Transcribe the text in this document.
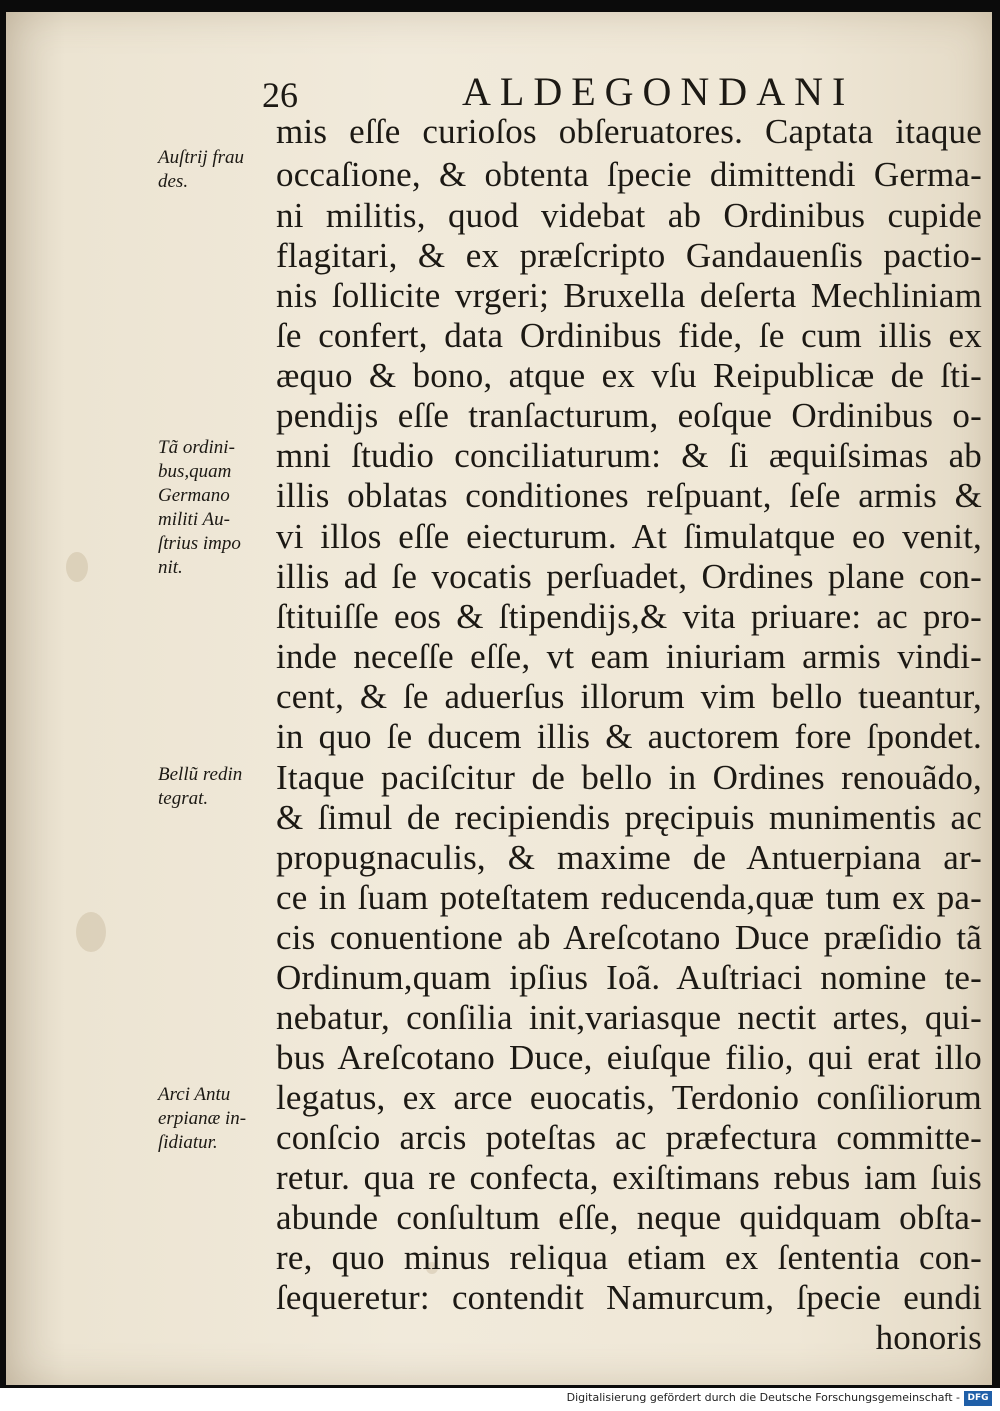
26	ALDEGONDANI
mis eſſe curioſos obſeruatores. Captata itaque
occaſione, & obtenta ſpecie dimittendi Germa-
ni militis, quod videbat ab Ordinibus cupide
flagitari, & ex præſcripto Gandauenſis pactio-
nis ſollicite vrgeri; Bruxella deſerta Mechliniam
ſe confert, data Ordinibus fide, ſe cum illis ex
æquo & bono, atque ex vſu Reipublicæ de ſti-
pendijs eſſe tranſacturum, eoſque Ordinibus o-
mni ſtudio conciliaturum: & ſi æquiſsimas ab
illis oblatas conditiones reſpuant, ſeſe armis &
vi illos eſſe eiecturum. At ſimulatque eo venit,
illis ad ſe vocatis perſuadet, Ordines plane con-
ſtituiſſe eos & ſtipendijs,& vita priuare: ac pro-
inde neceſſe eſſe, vt eam iniuriam armis vindi-
cent, & ſe aduerſus illorum vim bello tueantur,
in quo ſe ducem illis & auctorem fore ſpondet.
Itaque paciſcitur de bello in Ordines renouãdo,
& ſimul de recipiendis pręcipuis munimentis ac
propugnaculis, & maxime de Antuerpiana ar-
ce in ſuam poteſtatem reducenda,quæ tum ex pa-
cis conuentione ab Areſcotano Duce præſidio tã
Ordinum,quam ipſius Ioã. Auſtriaci nomine te-
nebatur, conſilia init,variasque nectit artes, qui-
bus Areſcotano Duce, eiuſque filio, qui erat illo
legatus, ex arce euocatis, Terdonio conſiliorum
conſcio arcis poteſtas ac præfectura committe-
retur. qua re confecta, exiſtimans rebus iam ſuis
abunde conſultum eſſe, neque quidquam obſta-
re, quo minus reliqua etiam ex ſententia con-
ſequeretur: contendit Namurcum, ſpecie eundi
honoris
Auſtrij frau
des.
Tã ordini-
bus,quam
Germano
militi Au-
ſtrius impo
nit.
Bellũ redin
tegrat.
Arci Antu
erpianæ in-
ſidiatur.
Digitalisierung gefördert durch die Deutsche Forschungsgemeinschaft - DFG
